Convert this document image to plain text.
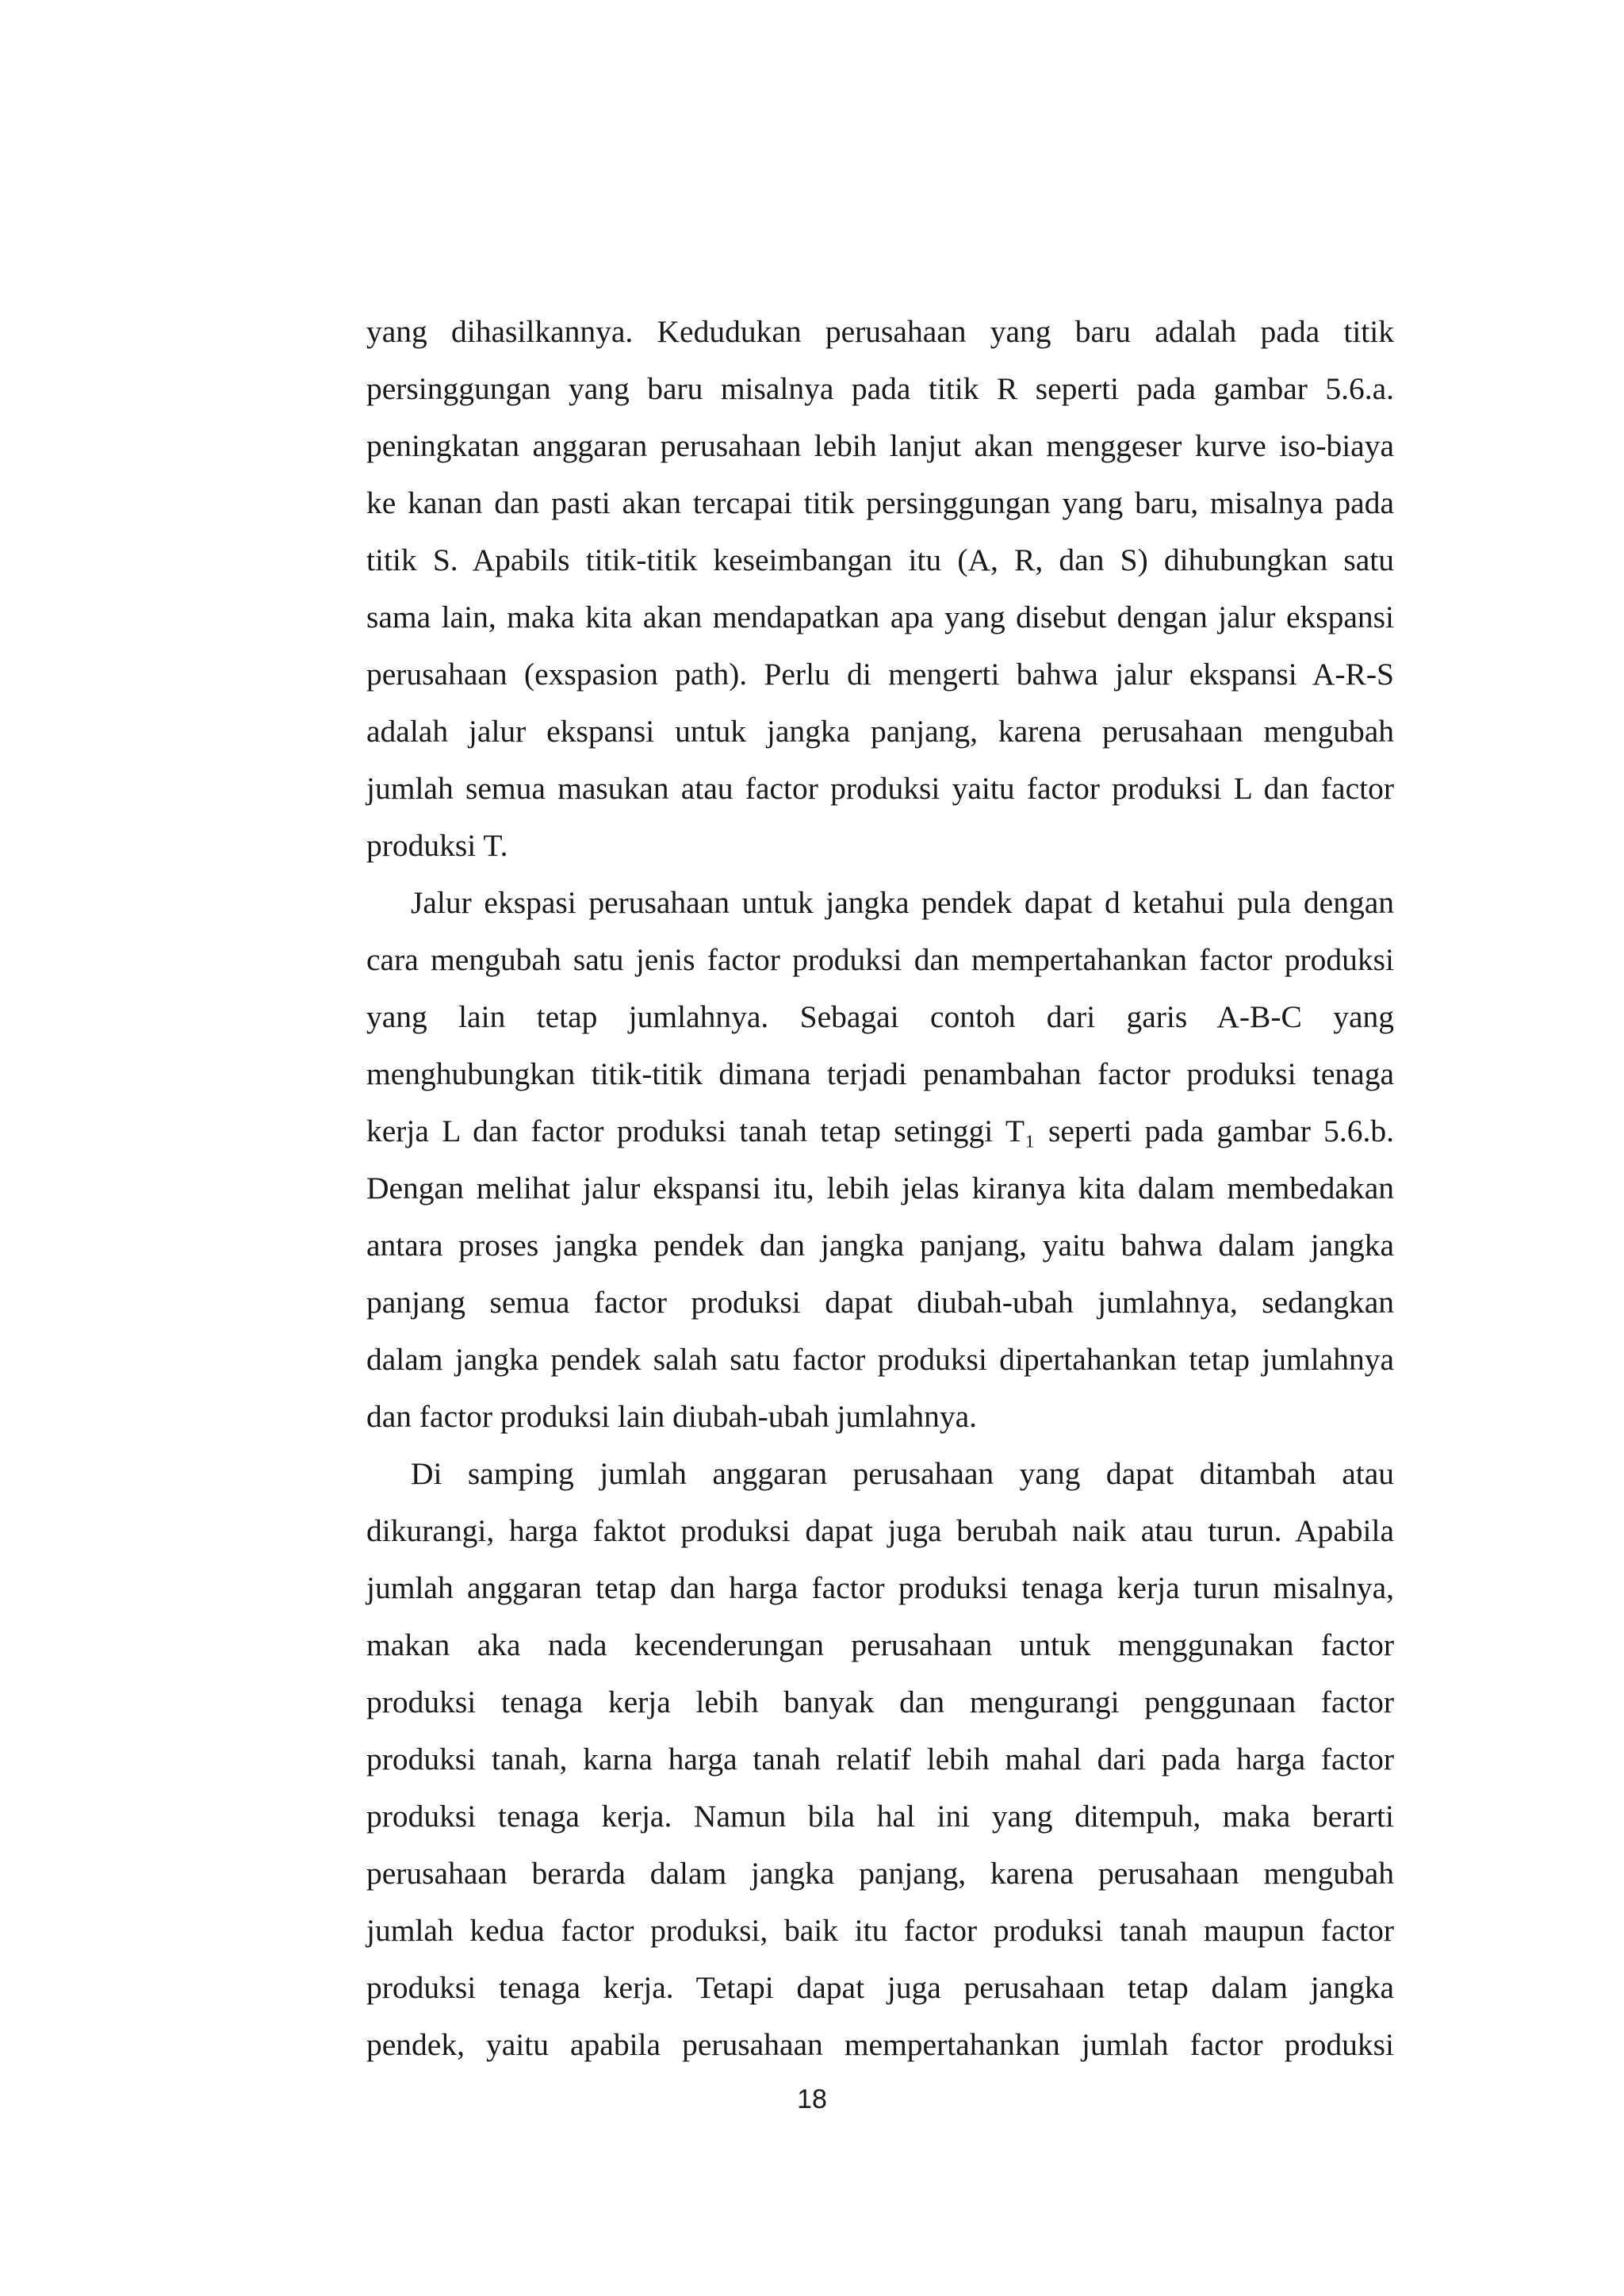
yang dihasilkannya. Kedudukan perusahaan yang baru adalah pada titik
persinggungan yang baru misalnya pada titik R seperti pada gambar 5.6.a.
peningkatan anggaran perusahaan lebih lanjut akan menggeser kurve iso-biaya
ke kanan dan pasti akan tercapai titik persinggungan yang baru, misalnya pada
titik S. Apabils titik-titik keseimbangan itu (A, R, dan S) dihubungkan satu
sama lain, maka kita akan mendapatkan apa yang disebut dengan jalur ekspansi
perusahaan (exspasion path). Perlu di mengerti bahwa jalur ekspansi A-R-S
adalah jalur ekspansi untuk jangka panjang, karena perusahaan mengubah
jumlah semua masukan atau factor produksi yaitu factor produksi L dan factor
produksi T.
Jalur ekspasi perusahaan untuk jangka pendek dapat d ketahui pula dengan
cara mengubah satu jenis factor produksi dan mempertahankan factor produksi
yang lain tetap jumlahnya. Sebagai contoh dari garis A-B-C yang
menghubungkan titik-titik dimana terjadi penambahan factor produksi tenaga
kerja L dan factor produksi tanah tetap setinggi T₁ seperti pada gambar 5.6.b.
Dengan melihat jalur ekspansi itu, lebih jelas kiranya kita dalam membedakan
antara proses jangka pendek dan jangka panjang, yaitu bahwa dalam jangka
panjang semua factor produksi dapat diubah-ubah jumlahnya, sedangkan
dalam jangka pendek salah satu factor produksi dipertahankan tetap jumlahnya
dan factor produksi lain diubah-ubah jumlahnya.
Di samping jumlah anggaran perusahaan yang dapat ditambah atau
dikurangi, harga faktot produksi dapat juga berubah naik atau turun. Apabila
jumlah anggaran tetap dan harga factor produksi tenaga kerja turun misalnya,
makan aka nada kecenderungan perusahaan untuk menggunakan factor
produksi tenaga kerja lebih banyak dan mengurangi penggunaan factor
produksi tanah, karna harga tanah relatif lebih mahal dari pada harga factor
produksi tenaga kerja. Namun bila hal ini yang ditempuh, maka berarti
perusahaan berarda dalam jangka panjang, karena perusahaan mengubah
jumlah kedua factor produksi, baik itu factor produksi tanah maupun factor
produksi tenaga kerja. Tetapi dapat juga perusahaan tetap dalam jangka
pendek, yaitu apabila perusahaan mempertahankan jumlah factor produksi
18
